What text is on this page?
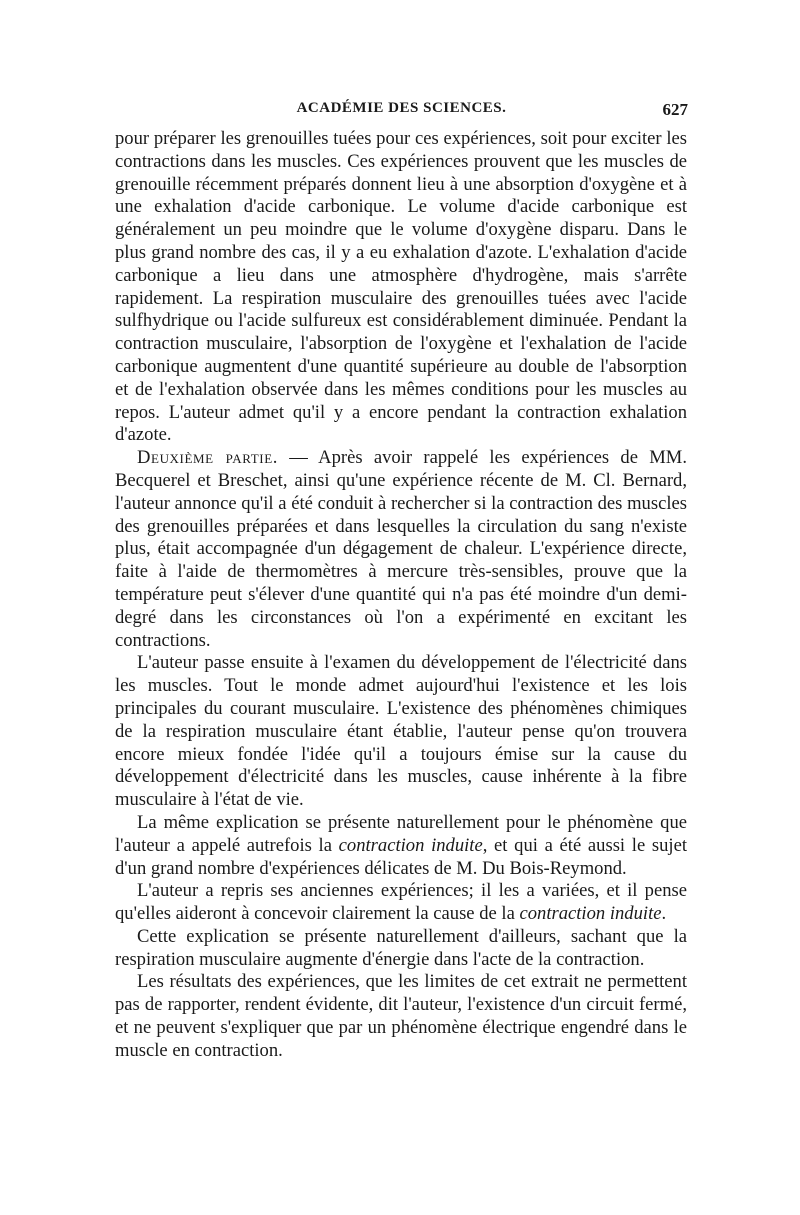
ACADÉMIE DES SCIENCES.	627

pour préparer les grenouilles tuées pour ces expériences, soit pour exciter les contractions dans les muscles. Ces expériences prouvent que les muscles de grenouille récemment préparés donnent lieu à une absorption d'oxygène et à une exhalation d'acide carbonique. Le volume d'acide carbonique est généralement un peu moindre que le volume d'oxygène disparu. Dans le plus grand nombre des cas, il y a eu exhalation d'azote. L'exhalation d'acide carbonique a lieu dans une atmosphère d'hydrogène, mais s'arrête rapidement. La respiration musculaire des grenouilles tuées avec l'acide sulfhydrique ou l'acide sulfureux est considérablement diminuée. Pendant la contraction musculaire, l'absorption de l'oxygène et l'exhalation de l'acide carbonique augmentent d'une quantité supérieure au double de l'absorption et de l'exhalation observée dans les mêmes conditions pour les muscles au repos. L'auteur admet qu'il y a encore pendant la contraction exhalation d'azote.

Deuxième partie. — Après avoir rappelé les expériences de MM. Becquerel et Breschet, ainsi qu'une expérience récente de M. Cl. Bernard, l'auteur annonce qu'il a été conduit à rechercher si la contraction des muscles des grenouilles préparées et dans lesquelles la circulation du sang n'existe plus, était accompagnée d'un dégagement de chaleur. L'expérience directe, faite à l'aide de thermomètres à mercure très-sensibles, prouve que la température peut s'élever d'une quantité qui n'a pas été moindre d'un demi-degré dans les circonstances où l'on a expérimenté en excitant les contractions.

L'auteur passe ensuite à l'examen du développement de l'électricité dans les muscles. Tout le monde admet aujourd'hui l'existence et les lois principales du courant musculaire. L'existence des phénomènes chimiques de la respiration musculaire étant établie, l'auteur pense qu'on trouvera encore mieux fondée l'idée qu'il a toujours émise sur la cause du développement d'électricité dans les muscles, cause inhérente à la fibre musculaire à l'état de vie.

La même explication se présente naturellement pour le phénomène que l'auteur a appelé autrefois la contraction induite, et qui a été aussi le sujet d'un grand nombre d'expériences délicates de M. Du Bois-Reymond.

L'auteur a repris ses anciennes expériences; il les a variées, et il pense qu'elles aideront à concevoir clairement la cause de la contraction induite.

Cette explication se présente naturellement d'ailleurs, sachant que la respiration musculaire augmente d'énergie dans l'acte de la contraction.

Les résultats des expériences, que les limites de cet extrait ne permettent pas de rapporter, rendent évidente, dit l'auteur, l'existence d'un circuit fermé, et ne peuvent s'expliquer que par un phénomène électrique engendré dans le muscle en contraction.
